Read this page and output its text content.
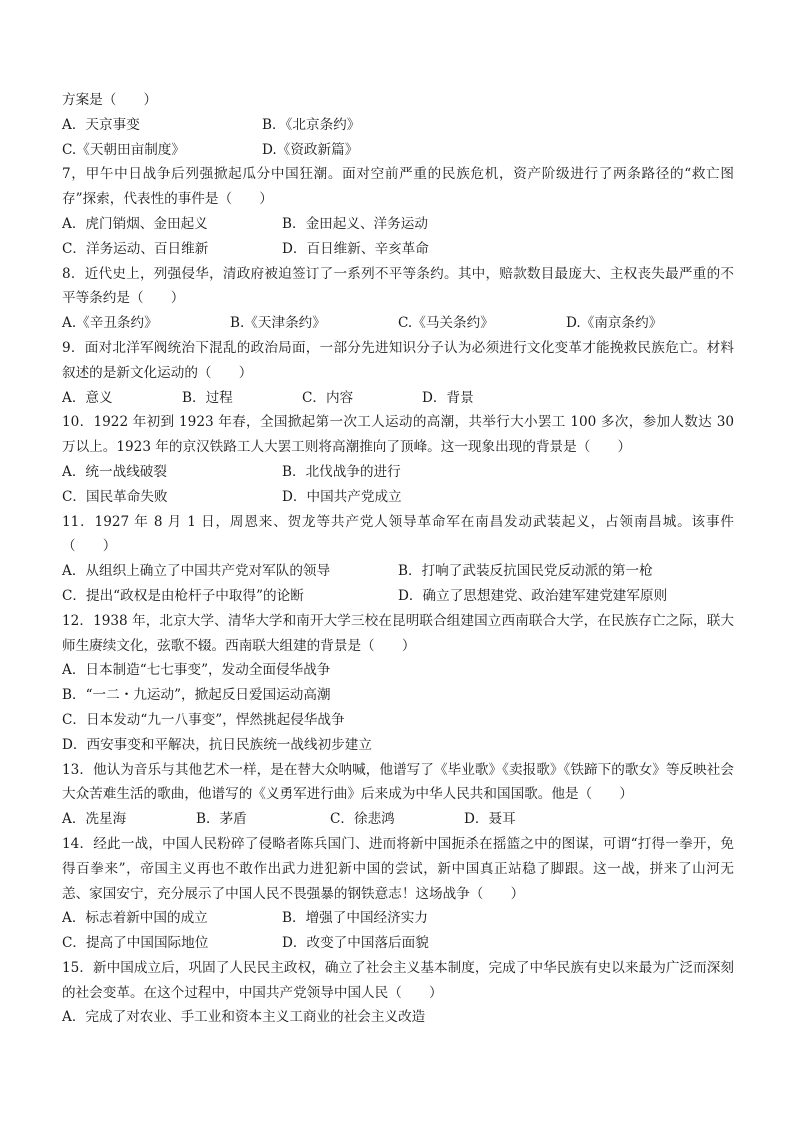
方案是（　　）
A．天京事变	B．《北京条约》
C.《天朝田亩制度》	D.《资政新篇》
7，甲午中日战争后列强掀起瓜分中国狂潮。面对空前严重的民族危机，资产阶级进行了两条路径的“救亡图存”探索，代表性的事件是（　　）
A．虎门销烟、金田起义	B．金田起义、洋务运动
C．洋务运动、百日维新	D．百日维新、辛亥革命
8．近代史上，列强侵华，清政府被迫签订了一系列不平等条约。其中，赔款数目最庞大、主权丧失最严重的不平等条约是（　　）
A.《辛丑条约》	B.《天津条约》	C.《马关条约》	D.《南京条约》
9．面对北洋军阀统治下混乱的政治局面，一部分先进知识分子认为必须进行文化变革才能挽救民族危亡。材料叙述的是新文化运动的（　　）
A．意义	B．过程	C．内容	D．背景
10．1922 年初到 1923 年春，全国掀起第一次工人运动的高潮，共举行大小罢工 100 多次，参加人数达 30 万以上。1923 年的京汉铁路工人大罢工则将高潮推向了顶峰。这一现象出现的背景是（　　）
A．统一战线破裂	B．北伐战争的进行
C．国民革命失败	D．中国共产党成立
11．1927 年 8 月 1 日，周恩来、贺龙等共产党人领导革命军在南昌发动武装起义，占领南昌城。该事件（　　）
A．从组织上确立了中国共产党对军队的领导	B．打响了武装反抗国民党反动派的第一枪
C．提出“政权是由枪杆子中取得”的论断	D．确立了思想建党、政治建军建党建军原则
12．1938 年，北京大学、清华大学和南开大学三校在昆明联合组建国立西南联合大学，在民族存亡之际，联大师生赓续文化，弦歌不辍。西南联大组建的背景是（　　）
A．日本制造“七七事变”，发动全面侵华战争
B．“一二・九运动”，掀起反日爱国运动高潮
C．日本发动“九一八事变”，悍然挑起侵华战争
D．西安事变和平解决，抗日民族统一战线初步建立
13．他认为音乐与其他艺术一样，是在替大众呐喊，他谱写了《毕业歌》《卖报歌》《铁蹄下的歌女》等反映社会大众苦难生活的歌曲，他谱写的《义勇军进行曲》后来成为中华人民共和国国歌。他是（　　）
A．冼星海	B．茅盾	C．徐悲鸿	D．聂耳
14．经此一战，中国人民粉碎了侵略者陈兵国门、进而将新中国扼杀在摇篮之中的图谋，可谓“打得一拳开，免得百拳来”，帝国主义再也不敢作出武力进犯新中国的尝试，新中国真正站稳了脚跟。这一战，拼来了山河无恙、家国安宁，充分展示了中国人民不畏强暴的钢铁意志！这场战争（　　）
A．标志着新中国的成立	B．增强了中国经济实力
C．提高了中国国际地位	D．改变了中国落后面貌
15．新中国成立后，巩固了人民民主政权，确立了社会主义基本制度，完成了中华民族有史以来最为广泛而深刻的社会变革。在这个过程中，中国共产党领导中国人民（　　）
A．完成了对农业、手工业和资本主义工商业的社会主义改造
